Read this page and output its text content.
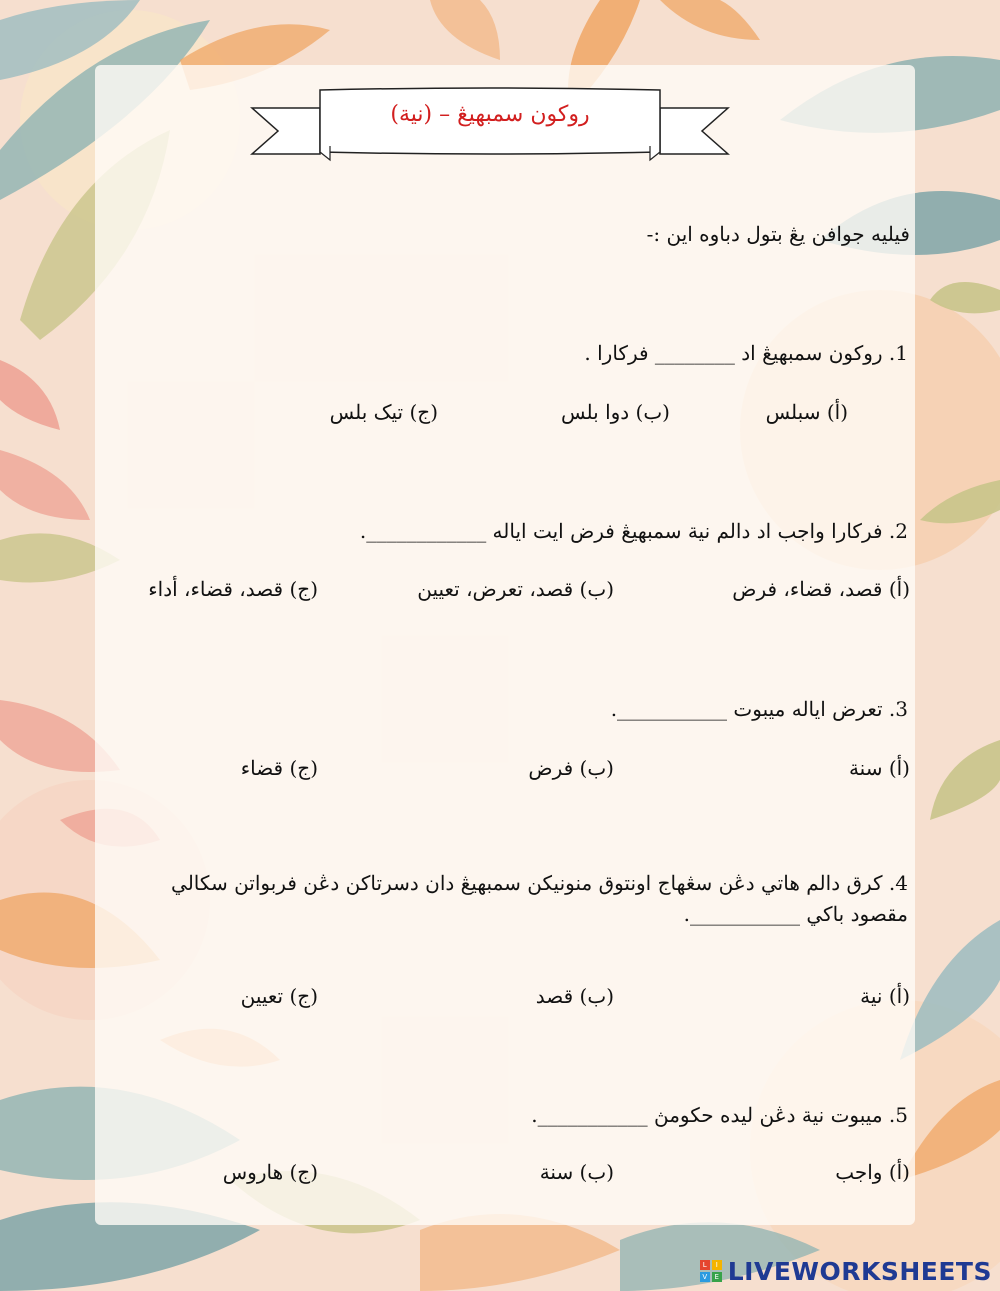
روكون سمبهيڠ – (نية)
فيليه جوافن يڠ بتول دباوه اين :-
1. روكون سمبهيڠ اد ________ فركارا .
(أ) سبلس
(ب) دوا بلس
(ج) تيک بلس
2. فركارا واجب اد دالم نية سمبهيڠ فرض ايت اياله ____________.
(أ) قصد، قضاء، فرض
(ب) قصد، تعرض، تعيين
(ج) قصد، قضاء، أداء
3. تعرض اياله ميبوت ___________.
(أ) سنة
(ب) فرض
(ج) قضاء
4. كرق دالم هاتي دڠن سڠهاج اونتوق منونيكن سمبهيڠ دان دسرتاكن دڠن فربواتن سكالي مقصود باکي ___________.
(أ) نية
(ب) قصد
(ج) تعيين
5. ميبوت نية دڠن ليده حكومڽ ___________.
(أ) واجب
(ب) سنة
(ج) هاروس
L	I
V	E LIVEWORKSHEETS
